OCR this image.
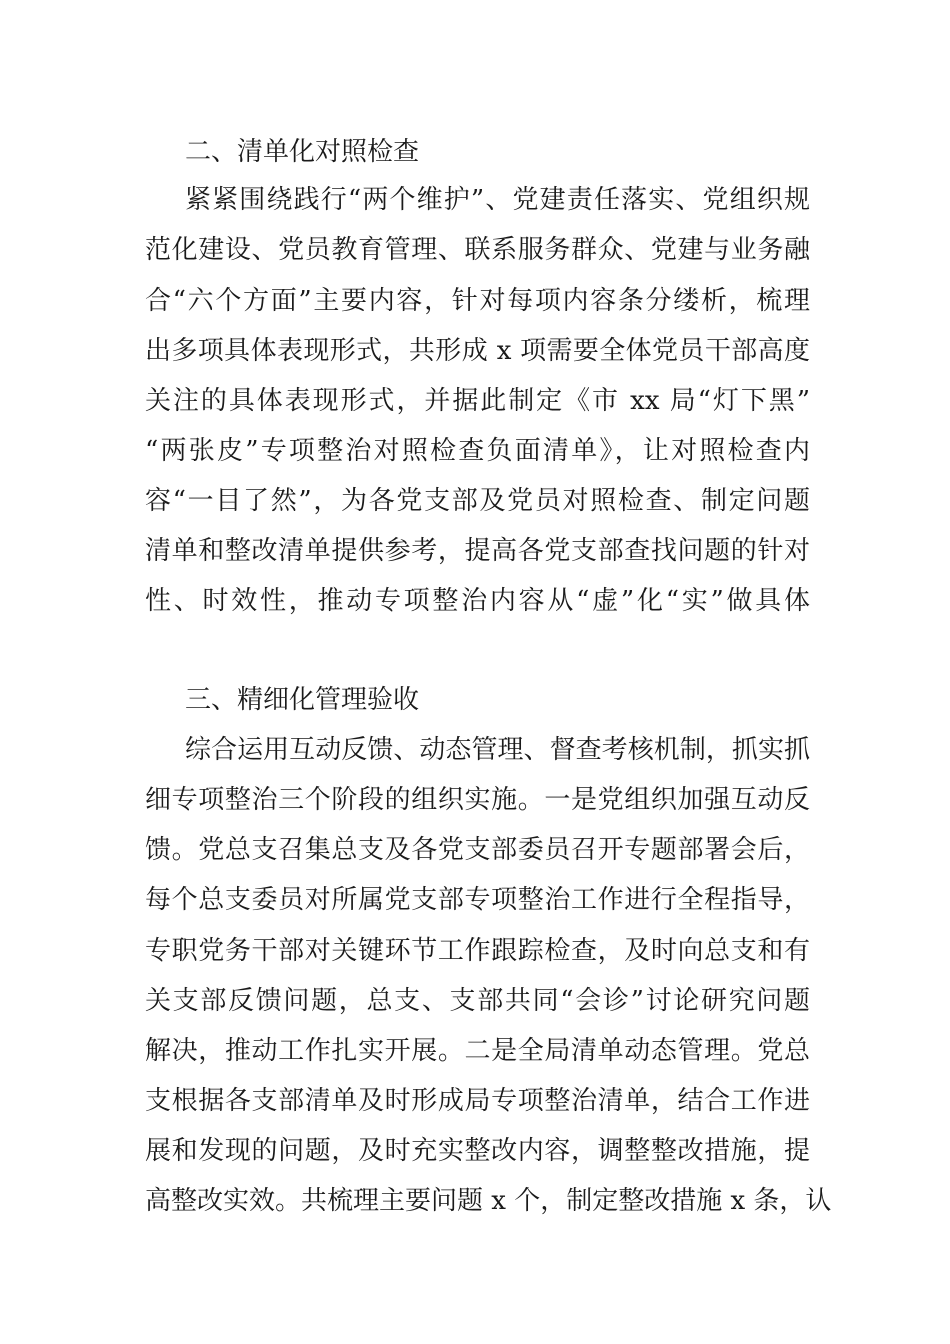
二、清单化对照检查
紧紧围绕践行“两个维护”、党建责任落实、党组织规
范化建设、党员教育管理、联系服务群众、党建与业务融
合“六个方面”主要内容，针对每项内容条分缕析，梳理
出多项具体表现形式，共形成 x 项需要全体党员干部高度
关注的具体表现形式，并据此制定《市 xx 局“灯下黑”
“两张皮”专项整治对照检查负面清单》，让对照检查内
容“一目了然”，为各党支部及党员对照检查、制定问题
清单和整改清单提供参考，提高各党支部查找问题的针对
性、时效性，推动专项整治内容从“虚”化“实”做具体
三、精细化管理验收
综合运用互动反馈、动态管理、督查考核机制，抓实抓
细专项整治三个阶段的组织实施。一是党组织加强互动反
馈。党总支召集总支及各党支部委员召开专题部署会后，
每个总支委员对所属党支部专项整治工作进行全程指导，
专职党务干部对关键环节工作跟踪检查，及时向总支和有
关支部反馈问题，总支、支部共同“会诊”讨论研究问题
解决，推动工作扎实开展。二是全局清单动态管理。党总
支根据各支部清单及时形成局专项整治清单，结合工作进
展和发现的问题，及时充实整改内容，调整整改措施，提
高整改实效。共梳理主要问题 x 个，制定整改措施 x 条，认
